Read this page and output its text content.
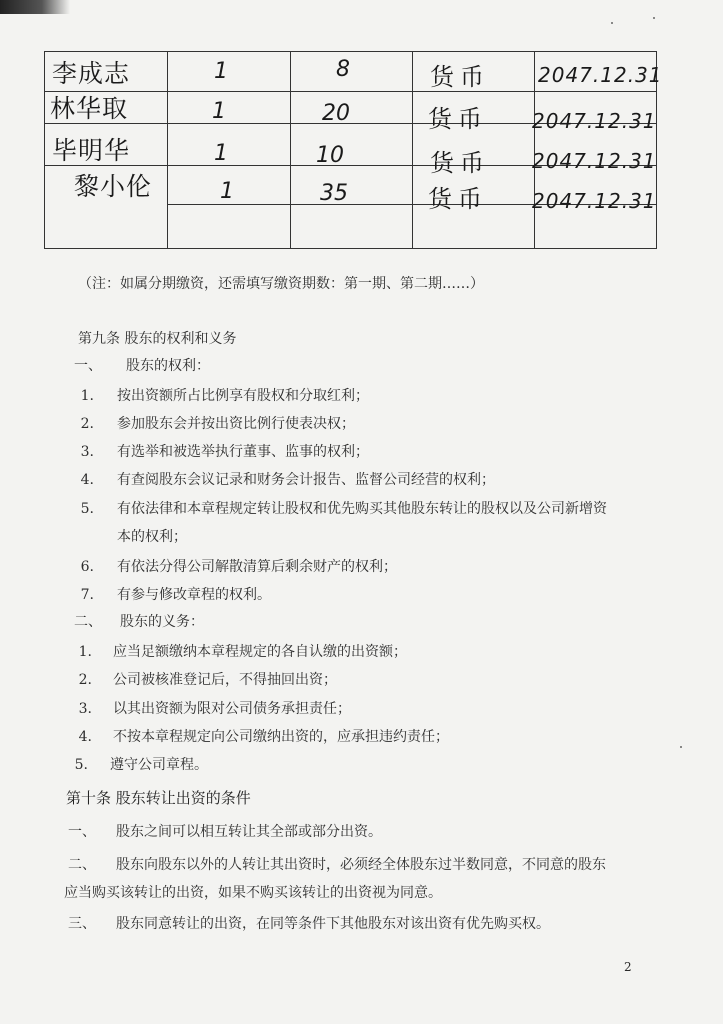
李成志	1	8	货币 2047.12.31
林华取	1	20	货币 2047.12.31
毕明华	1	10	货币 2047.12.31
黎小伦	1	35	货币 2047.12.31
（注：如属分期缴资，还需填写缴资期数：第一期、第二期……）
第九条 股东的权利和义务
一、 股东的权利：
1. 按出资额所占比例享有股权和分取红利；
2. 参加股东会并按出资比例行使表决权；
3. 有选举和被选举执行董事、监事的权利；
4. 有查阅股东会议记录和财务会计报告、监督公司经营的权利；
5. 有依法律和本章程规定转让股权和优先购买其他股东转让的股权以及公司新增资
本的权利；
6. 有依法分得公司解散清算后剩余财产的权利；
7. 有参与修改章程的权利。
二、 股东的义务：
1. 应当足额缴纳本章程规定的各自认缴的出资额；
2. 公司被核准登记后，不得抽回出资；
3. 以其出资额为限对公司债务承担责任；
4. 不按本章程规定向公司缴纳出资的，应承担违约责任；
5. 遵守公司章程。
第十条 股东转让出资的条件
一、 股东之间可以相互转让其全部或部分出资。
二、 股东向股东以外的人转让其出资时，必须经全体股东过半数同意，不同意的股东
应当购买该转让的出资，如果不购买该转让的出资视为同意。
三、 股东同意转让的出资，在同等条件下其他股东对该出资有优先购买权。
2
